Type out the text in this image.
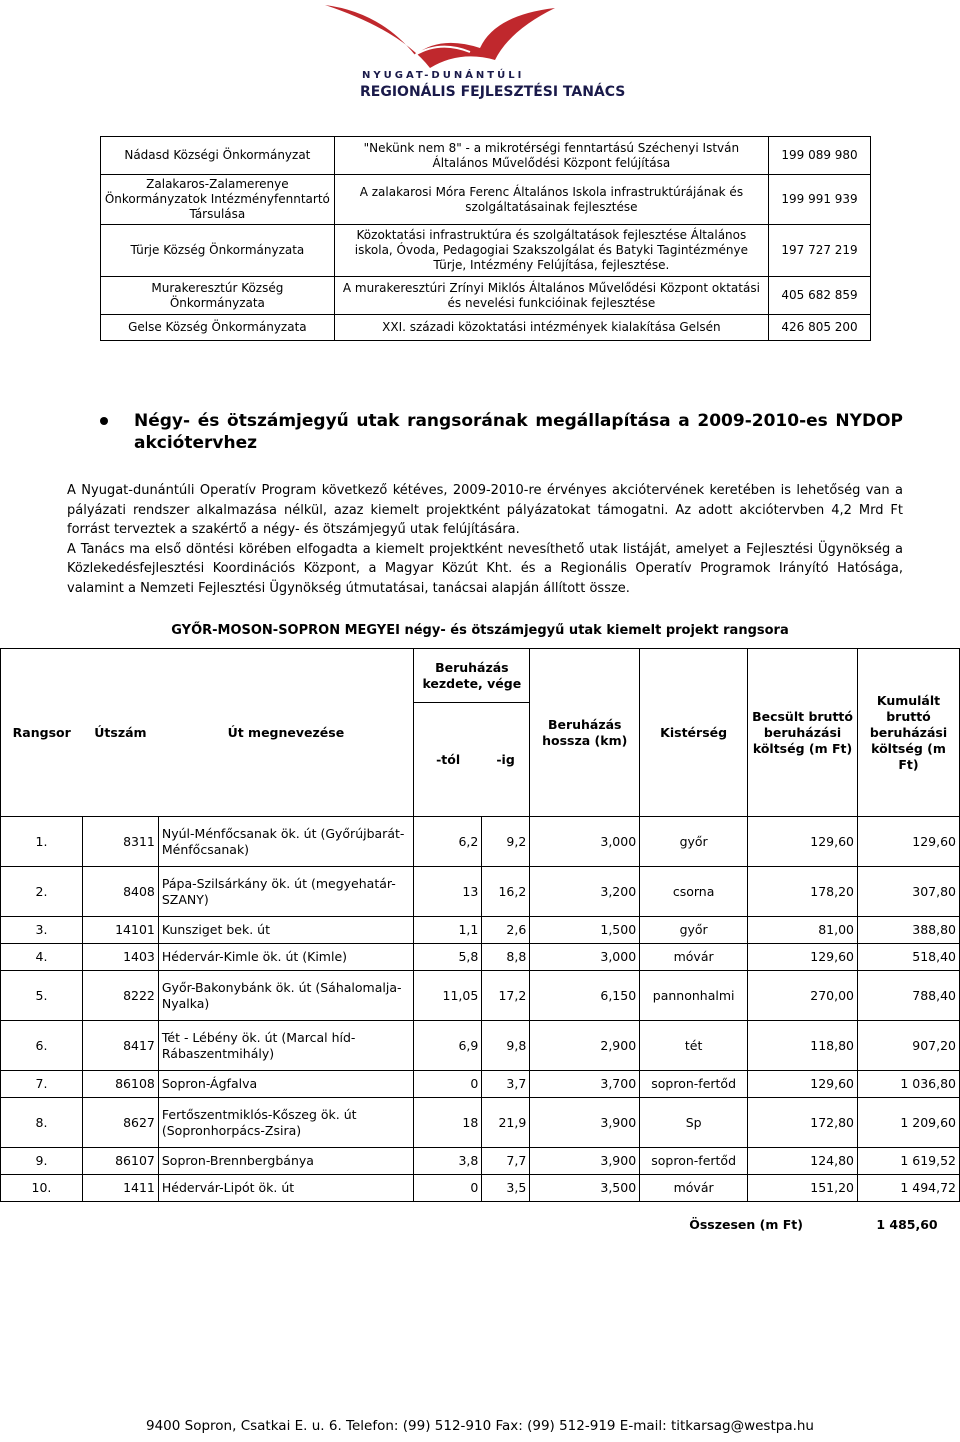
NYUGAT-DUNÁNTÚLI
REGIONÁLIS FEJLESZTÉSI TANÁCS
Nádasd Községi Önkormányzat	"Nekünk nem 8" - a mikrotérségi fenntartású Széchenyi István Általános Művelődési Központ felújítása	199 089 980
Zalakaros-Zalamerenye Önkormányzatok Intézményfenntartó Társulása	A zalakarosi Móra Ferenc Általános Iskola infrastruktúrájának és szolgáltatásainak fejlesztése	199 991 939
Türje Község Önkormányzata	Közoktatási infrastruktúra és szolgáltatások fejlesztése Általános iskola, Óvoda, Pedagogiai Szakszolgálat és Batyki Tagintézménye Türje, Intézmény Felújítása, fejlesztése.	197 727 219
Murakeresztúr Község Önkormányzata	A murakeresztúri Zrínyi Miklós Általános Művelődési Központ oktatási és nevelési funkcióinak fejlesztése	405 682 859
Gelse Község Önkormányzata	XXI. századi közoktatási intézmények kialakítása Gelsén	426 805 200
Négy- és ötszámjegyű utak rangsorának megállapítása a 2009-2010-es NYDOP akciótervhez

A Nyugat-dunántúli Operatív Program következő kétéves, 2009-2010-re érvényes akciótervének keretében is lehetőség van a pályázati rendszer alkalmazása nélkül, azaz kiemelt projektként pályázatokat támogatni. Az adott akciótervben 4,2 Mrd Ft forrást terveztek a szakértő a négy- és ötszámjegyű utak felújítására.

A Tanács ma első döntési körében elfogadta a kiemelt projektként nevesíthető utak listáját, amelyet a Fejlesztési Ügynökség a Közlekedésfejlesztési Koordinációs Központ, a Magyar Közút Kht. és a Regionális Operatív Programok Irányító Hatósága, valamint a Nemzeti Fejlesztési Ügynökség útmutatásai, tanácsai alapján állított össze.

GYŐR-MOSON-SOPRON MEGYEI négy- és ötszámjegyű utak kiemelt projekt rangsora
Rangsor	Útszám	Út megnevezése	Beruházás kezdete, vége		Beruházás hossza (km)	Kistérség	Becsült bruttó beruházási költség (m Ft)	Kumulált bruttó beruházási költség (m Ft)
			-tól	-ig				
1.	8311	Nyúl-Ménfőcsanak ök. út (Győrújbarát-Ménfőcsanak)	6,2	9,2	3,000	győr	129,60	129,60
2.	8408	Pápa-Szilsárkány ök. út (megyehatár-SZANY)	13	16,2	3,200	csorna	178,20	307,80
3.	14101	Kunsziget bek. út	1,1	2,6	1,500	győr	81,00	388,80
4.	1403	Hédervár-Kimle ök. út (Kimle)	5,8	8,8	3,000	móvár	129,60	518,40
5.	8222	Győr-Bakonybánk ök. út (Sáhalomalja-Nyalka)	11,05	17,2	6,150	pannonhalmi	270,00	788,40
6.	8417	Tét - Lébény ök. út (Marcal híd-Rábaszentmihály)	6,9	9,8	2,900	tét	118,80	907,20
7.	86108	Sopron-Ágfalva	0	3,7	3,700	sopron-fertőd	129,60	1 036,80
8.	8627	Fertőszentmiklós-Kőszeg ök. út (Sopronhorpács-Zsira)	18	21,9	3,900	Sp	172,80	1 209,60
9.	86107	Sopron-Brennbergbánya	3,8	7,7	3,900	sopron-fertőd	124,80	1 619,52
10.	1411	Hédervár-Lipót ök. út	0	3,5	3,500	móvár	151,20	1 494,72
						Összesen (m Ft)		1 485,60
9400 Sopron, Csatkai E. u. 6. Telefon: (99) 512-910 Fax: (99) 512-919 E-mail: titkarsag@westpa.hu
